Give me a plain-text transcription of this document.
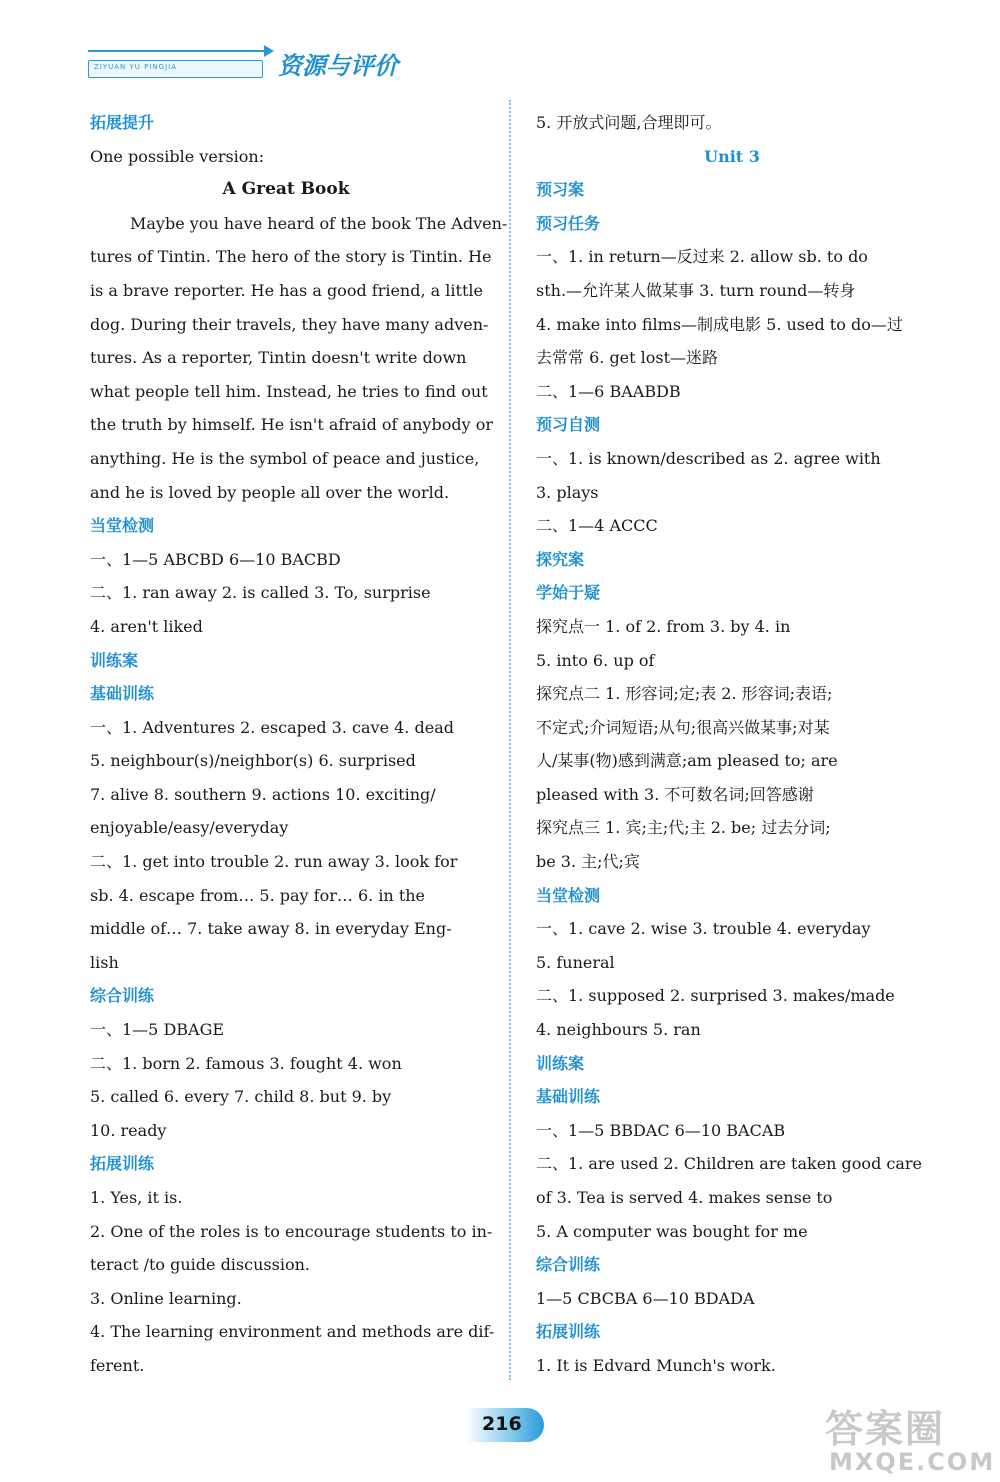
ZIYUAN YU PINGJIA	资源与评价
拓展提升
One possible version:
A Great Book
Maybe you have heard of the book The Adven-
tures of Tintin. The hero of the story is Tintin. He
is a brave reporter. He has a good friend, a little
dog. During their travels, they have many adven-
tures. As a reporter, Tintin doesn't write down
what people tell him. Instead, he tries to find out
the truth by himself. He isn't afraid of anybody or
anything. He is the symbol of peace and justice,
and he is loved by people all over the world.
当堂检测
一、1—5 ABCBD 6—10 BACBD
二、1. ran away 2. is called 3. To, surprise
4. aren't liked
训练案
基础训练
一、1. Adventures 2. escaped 3. cave 4. dead
5. neighbour(s)/neighbor(s) 6. surprised
7. alive 8. southern 9. actions 10. exciting/
enjoyable/easy/everyday
二、1. get into trouble 2. run away 3. look for
sb. 4. escape from… 5. pay for… 6. in the
middle of… 7. take away 8. in everyday Eng-
lish
综合训练
一、1—5 DBAGE
二、1. born 2. famous 3. fought 4. won
5. called 6. every 7. child 8. but 9. by
10. ready
拓展训练
1. Yes, it is.
2. One of the roles is to encourage students to in-
teract /to guide discussion.
3. Online learning.
4. The learning environment and methods are dif-
ferent.
5. 开放式问题,合理即可。
Unit 3
预习案
预习任务
一、1. in return—反过来 2. allow sb. to do
sth.—允许某人做某事 3. turn round—转身
4. make into films—制成电影 5. used to do—过
去常常 6. get lost—迷路
二、1—6 BAABDB
预习自测
一、1. is known/described as 2. agree with
3. plays
二、1—4 ACCC
探究案
学始于疑
探究点一 1. of 2. from 3. by 4. in
5. into 6. up of
探究点二 1. 形容词;定;表 2. 形容词;表语;
不定式;介词短语;从句;很高兴做某事;对某
人/某事(物)感到满意;am pleased to; are
pleased with 3. 不可数名词;回答感谢
探究点三 1. 宾;主;代;主 2. be; 过去分词;
be 3. 主;代;宾
当堂检测
一、1. cave 2. wise 3. trouble 4. everyday
5. funeral
二、1. supposed 2. surprised 3. makes/made
4. neighbours 5. ran
训练案
基础训练
一、1—5 BBDAC 6—10 BACAB
二、1. are used 2. Children are taken good care
of 3. Tea is served 4. makes sense to
5. A computer was bought for me
综合训练
1—5 CBCBA 6—10 BDADA
拓展训练
1. It is Edvard Munch's work.
216	答案圈
MXQE.COM
